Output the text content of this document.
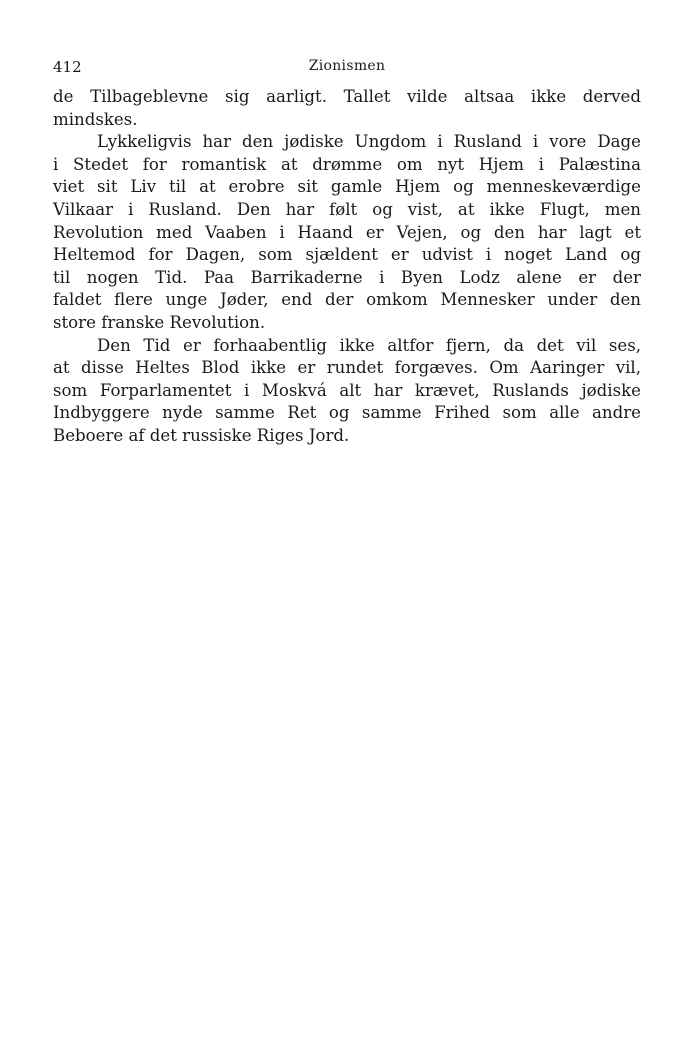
412	Zionismen

de Tilbageblevne sig aarligt. Tallet vilde altsaa ikke derved
mindskes.

Lykkeligvis har den jødiske Ungdom i Rusland i vore Dage
i Stedet for romantisk at drømme om nyt Hjem i Palæstina
viet sit Liv til at erobre sit gamle Hjem og menneskeværdige
Vilkaar i Rusland. Den har følt og vist, at ikke Flugt, men
Revolution med Vaaben i Haand er Vejen, og den har lagt et
Heltemod for Dagen, som sjældent er udvist i noget Land og
til nogen Tid. Paa Barrikaderne i Byen Lodz alene er der
faldet flere unge Jøder, end der omkom Mennesker under den
store franske Revolution.

Den Tid er forhaabentlig ikke altfor fjern, da det vil ses,
at disse Heltes Blod ikke er rundet forgæves. Om Aaringer vil,
som Forparlamentet i Moskvá alt har krævet, Ruslands jødiske
Indbyggere nyde samme Ret og samme Frihed som alle andre
Beboere af det russiske Riges Jord.
